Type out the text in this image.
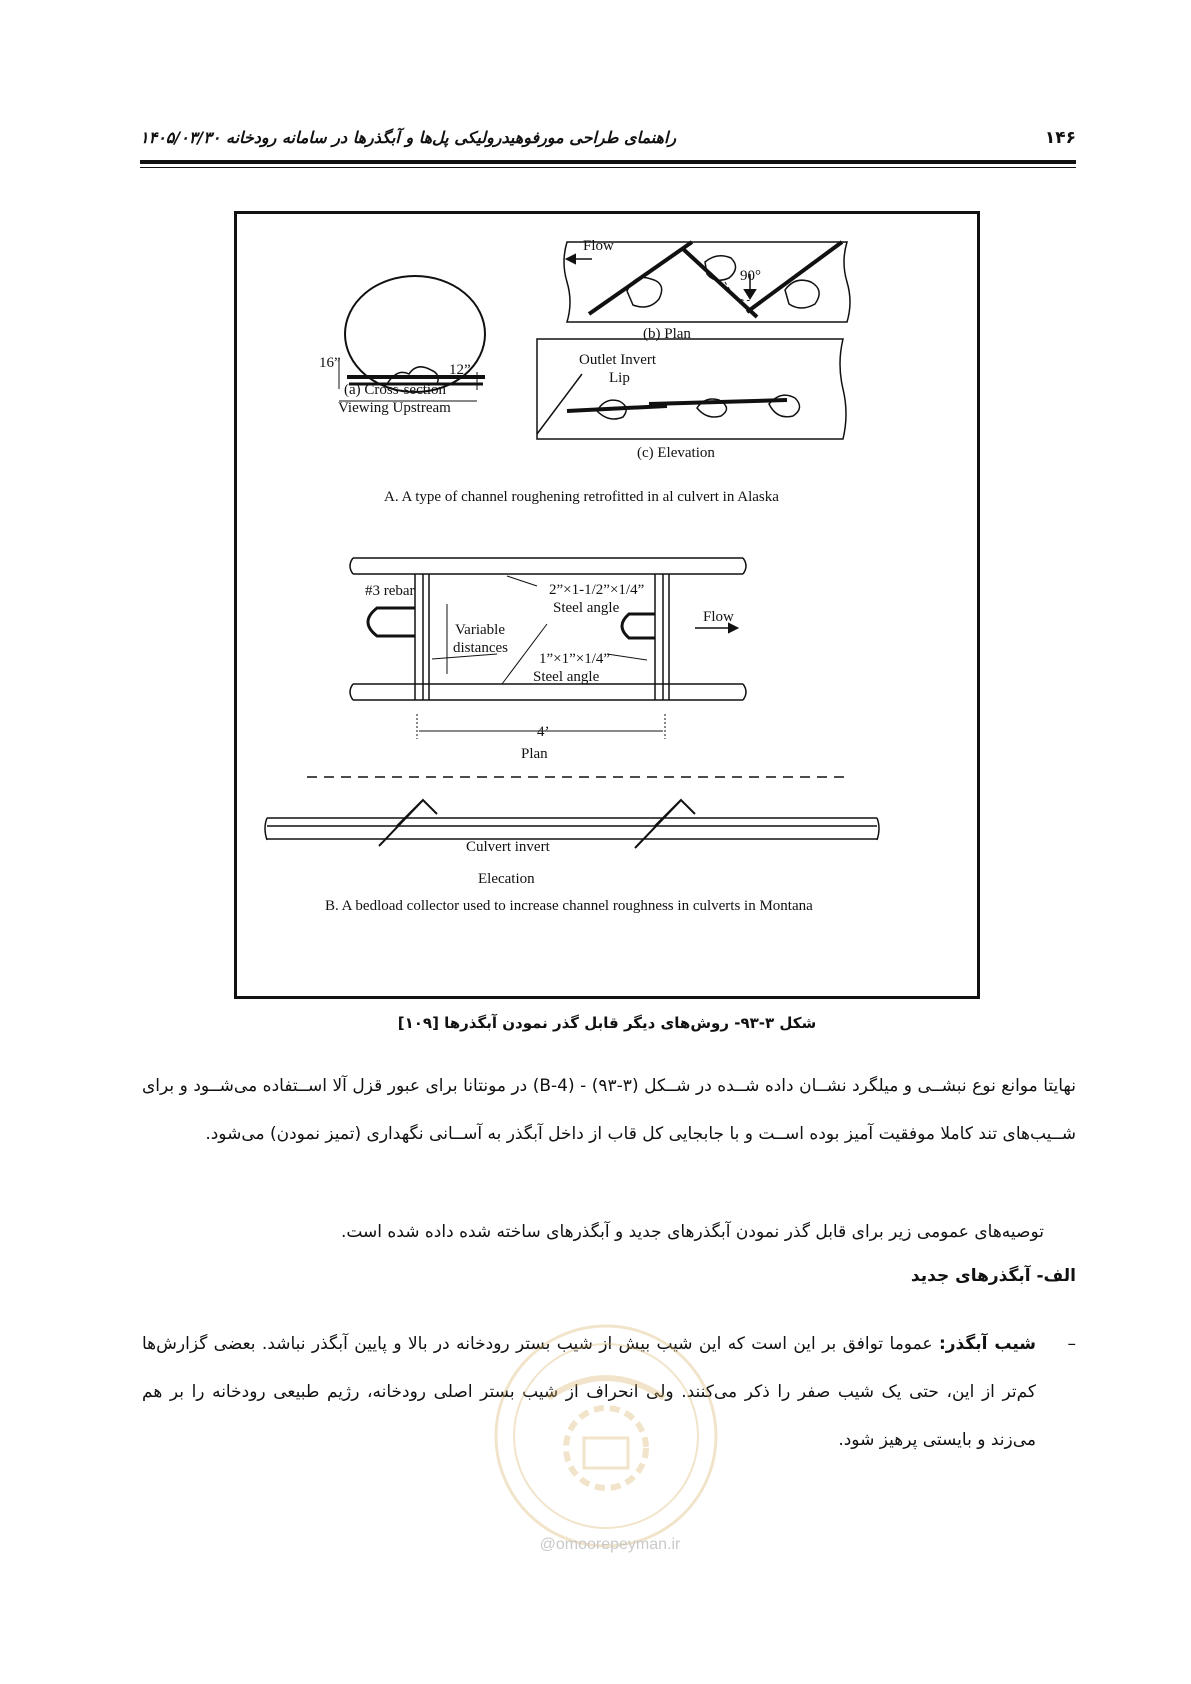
۱۴۶
راهنمای طراحی مورفوهیدرولیکی پل‌ها و آبگذرها در سامانه رودخانه ۱۴۰۵/۰۳/۳۰
16”	12”
(a) Cross-section
Viewing Upstream
Flow
90°
(b) Plan
Outlet Invert
Lip
(c) Elevation
A. A type of channel roughening retrofitted in al culvert in Alaska
#3 rebar	2”×1-1/2”×1/4”
Steel angle
Variable
distances
1”×1”×1/4”
Steel angle
Flow
4’
Plan
Culvert invert
Elecation
B. A bedload collector used to increase channel roughness in culverts in Montana
شکل ۳-۹۳- روش‌های دیگر قابل گذر نمودن آبگذرها [۱۰۹]
نهایتا موانع نوع نبشــی و میلگرد نشــان داده شــده در شــکل (۳-۹۳) - (B-4) در مونتانا برای عبور قزل آلا اســتفاده می‌شــود و برای شــیب‌های تند کاملا موفقیت آمیز بوده اســت و با جابجایی کل قاب از داخل آبگذر به آســانی نگهداری (تمیز نمودن) می‌شود.
توصیه‌های عمومی زیر برای قابل گذر نمودن آبگذرهای جدید و آبگذرهای ساخته شده داده شده است.
الف- آبگذرهای جدید
–
شیب آبگذر: عموما توافق بر این است که این شیب بیش از شیب بستر رودخانه در بالا و پایین آبگذر نباشد. بعضی گزارش‌ها کم‌تر از این، حتی یک شیب صفر را ذکر می‌کنند. ولی انحراف از شیب بستر اصلی رودخانه، رژیم طبیعی رودخانه را بر هم می‌زند و بایستی پرهیز شود.
@omoorepeyman.ir
